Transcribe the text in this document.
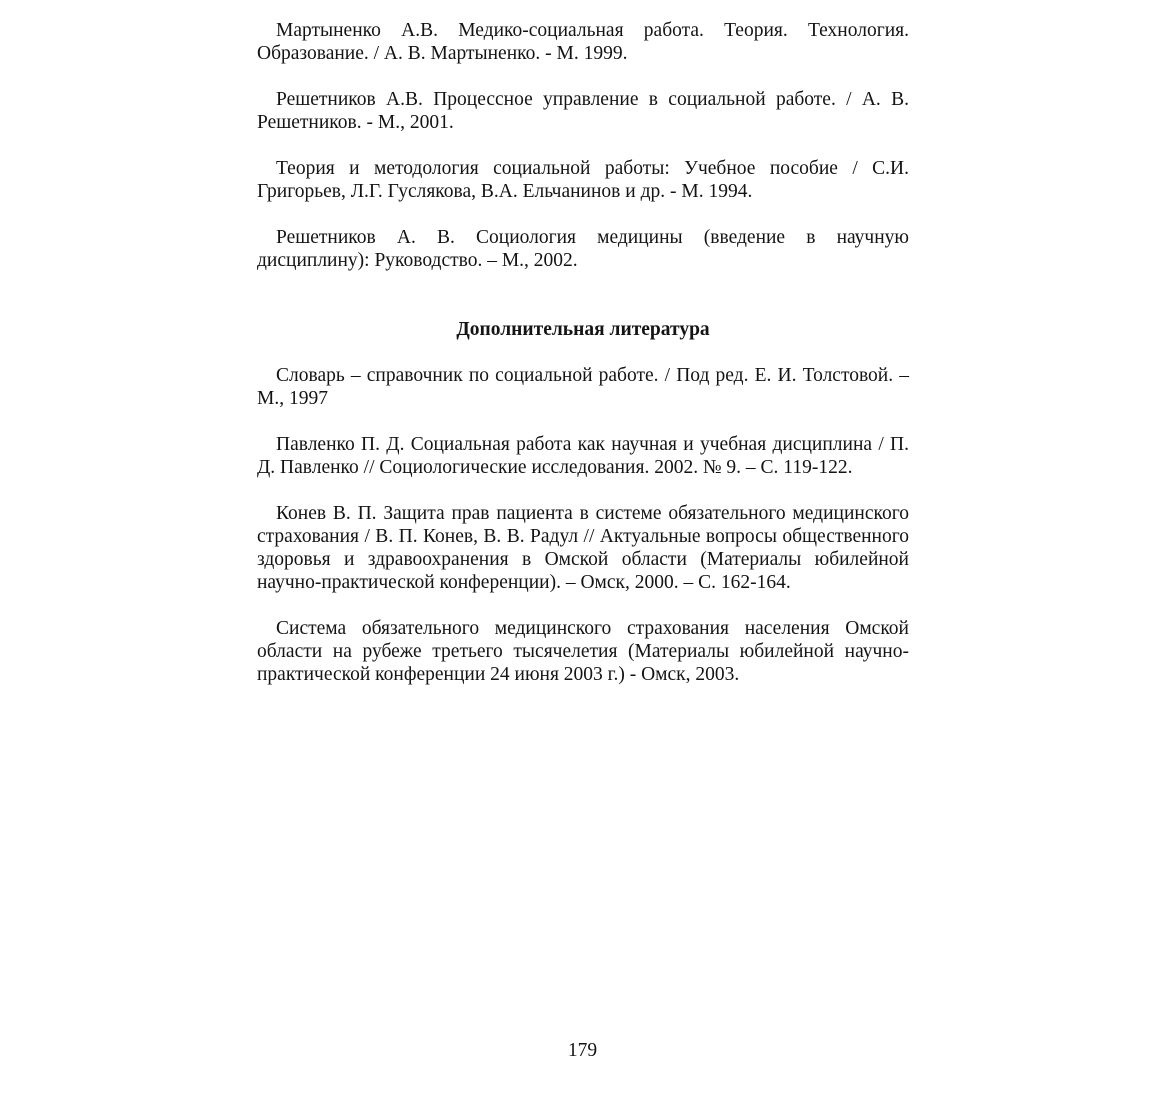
Мартыненко А.В. Медико-социальная работа. Теория. Технология. Образование. / А. В. Мартыненко. - М. 1999.

Решетников А.В. Процессное управление в социальной работе. / А. В. Решетников. - М., 2001.

Теория и методология социальной работы: Учебное пособие / С.И. Григорьев, Л.Г. Гуслякова, В.А. Ельчанинов и др. - М. 1994.

Решетников А. В. Социология медицины (введение в научную дисциплину): Руководство. – М., 2002.

Дополнительная литература

Словарь – справочник по социальной работе. / Под ред. Е. И. Толстовой. – М., 1997

Павленко П. Д. Социальная работа как научная и учебная дисциплина / П. Д. Павленко // Социологические исследования. 2002. № 9. – С. 119-122.

Конев В. П. Защита прав пациента в системе обязательного медицинского страхования / В. П. Конев, В. В. Радул // Актуальные вопросы общественного здоровья и здравоохранения в Омской области (Материалы юбилейной научно-практической конференции). – Омск, 2000. – С. 162-164.

Система обязательного медицинского страхования населения Омской области на рубеже третьего тысячелетия (Материалы юбилейной научно-практической конференции 24 июня 2003 г.) - Омск, 2003.

179
